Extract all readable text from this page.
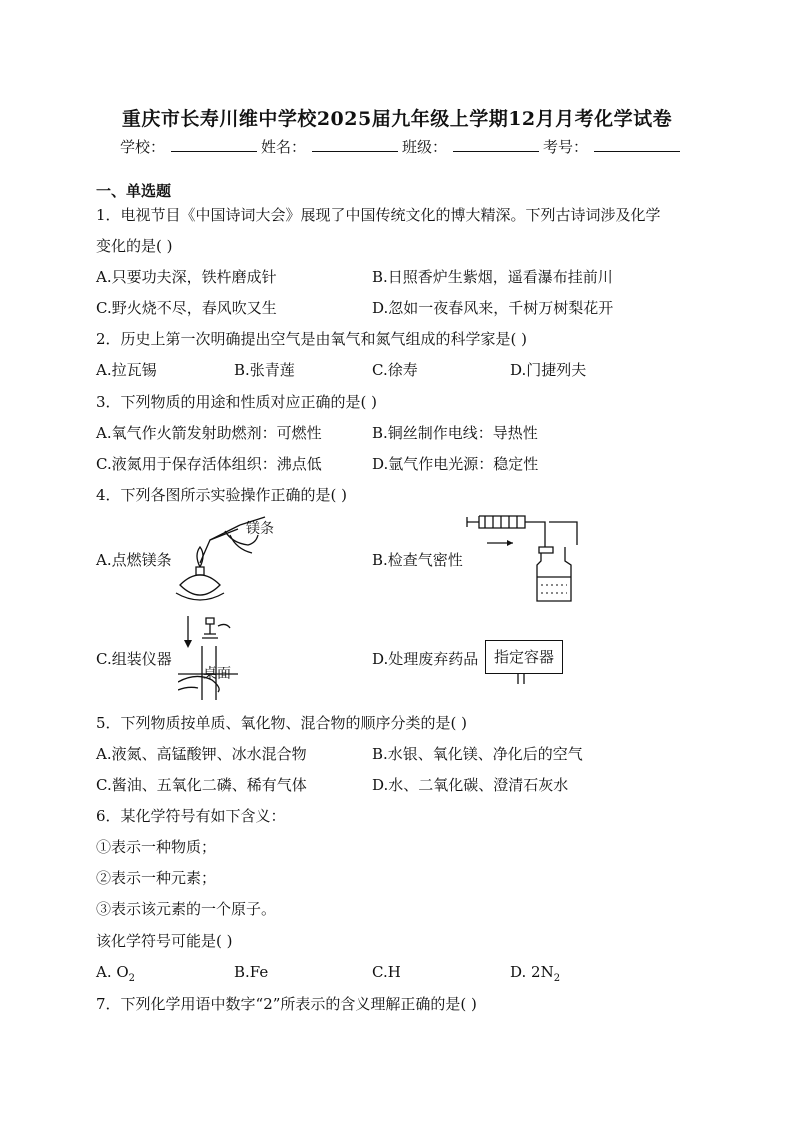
重庆市长寿川维中学校2025届九年级上学期12月月考化学试卷
学校：	姓名：	班级：	考号：
一、单选题
1．电视节目《中国诗词大会》展现了中国传统文化的博大精深。下列古诗词涉及化学
变化的是( )
A.只要功夫深，铁杵磨成针	B.日照香炉生紫烟，遥看瀑布挂前川
C.野火烧不尽，春风吹又生	D.忽如一夜春风来，千树万树梨花开
2．历史上第一次明确提出空气是由氧气和氮气组成的科学家是( )
A.拉瓦锡	B.张青莲	C.徐寿	D.门捷列夫
3．下列物质的用途和性质对应正确的是( )
A.氧气作火箭发射助燃剂：可燃性	B.铜丝制作电线：导热性
C.液氮用于保存活体组织：沸点低	D.氩气作电光源：稳定性
4．下列各图所示实验操作正确的是( )
A.点燃镁条	B.检查气密性
C.组装仪器	D.处理废弃药品
镁条
桌面
指定容器
5．下列物质按单质、氧化物、混合物的顺序分类的是( )
A.液氮、高锰酸钾、冰水混合物	B.水银、氧化镁、净化后的空气
C.酱油、五氧化二磷、稀有气体	D.水、二氧化碳、澄清石灰水
6．某化学符号有如下含义：
①表示一种物质；
②表示一种元素；
③表示该元素的一个原子。
该化学符号可能是( )
A. $O_2$	B.Fe	C.H	D. $2N_2$
7．下列化学用语中数字“2”所表示的含义理解正确的是( )
